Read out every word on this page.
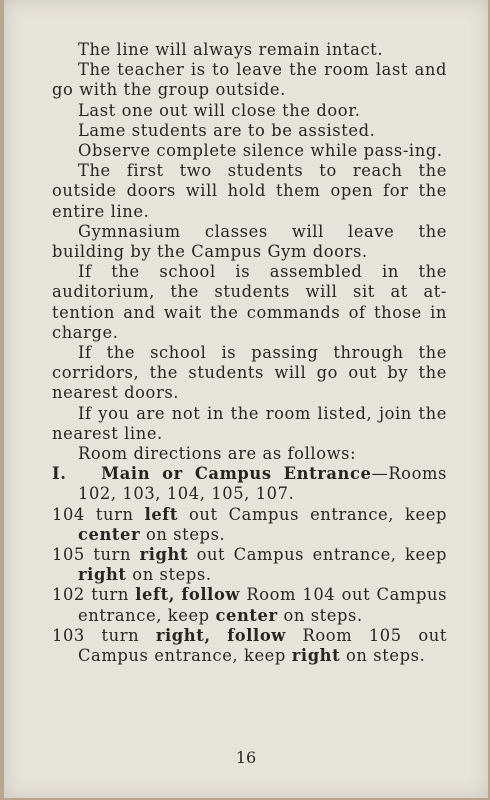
The line will always remain intact.

The teacher is to leave the room last and go with the group outside.

Last one out will close the door.

Lame students are to be assisted.

Observe complete silence while pass-ing.

The first two students to reach the outside doors will hold them open for the entire line.

Gymnasium classes will leave the building by the Campus Gym doors.

If the school is assembled in the auditorium, the students will sit at at-tention and wait the commands of those in charge.

If the school is passing through the corridors, the students will go out by the nearest doors.

If you are not in the room listed, join the nearest line.

Room directions are as follows:

I. Main or Campus Entrance—Rooms 102, 103, 104, 105, 107.

104 turn left out Campus entrance, keep center on steps.

105 turn right out Campus entrance, keep right on steps.

102 turn left, follow Room 104 out Campus entrance, keep center on steps.

103 turn right, follow Room 105 out Campus entrance, keep right on steps.

16
